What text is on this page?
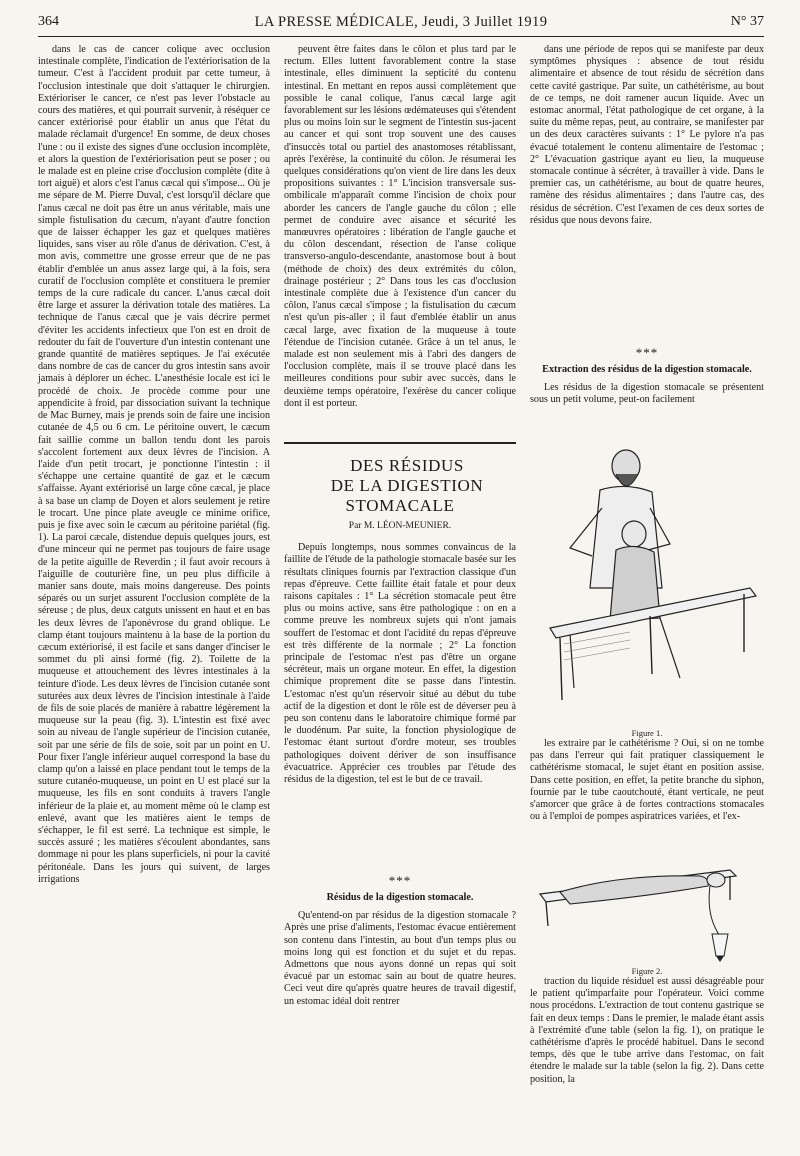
364	LA PRESSE MÉDICALE, Jeudi, 3 Juillet 1919	N° 37

dans le cas de cancer colique avec occlusion intestinale complète, l'indication de l'extériorisation de la tumeur. C'est à l'accident produit par cette tumeur, à l'occlusion intestinale que doit s'attaquer le chirurgien. Extérioriser le cancer, ce n'est pas lever l'obstacle au cours des matières, et qui pourrait survenir, à réséquer ce cancer extériorisé pour établir un anus que l'état du malade réclamait d'urgence! En somme, de deux choses l'une : ou il existe des signes d'une occlusion incomplète, et alors la question de l'extériorisation peut se poser ; ou le malade est en pleine crise d'occlusion complète (dite à tort aiguë) et alors c'est l'anus cæcal qui s'impose... Où je me sépare de M. Pierre Duval, c'est lorsqu'il déclare que l'anus cæcal ne doit pas être un anus véritable, mais une simple fistulisation du cæcum, n'ayant d'autre fonction que de laisser échapper les gaz et quelques matières liquides, sans viser au rôle d'anus de dérivation. C'est, à mon avis, commettre une grosse erreur que de ne pas établir d'emblée un anus assez large qui, à la fois, sera curatif de l'occlusion complète et constituera le premier temps de la cure radicale du cancer. L'anus cæcal doit être large et assurer la dérivation totale des matières. La technique de l'anus cæcal que je vais décrire permet d'éviter les accidents infectieux que l'on est en droit de redouter du fait de l'ouverture d'un intestin contenant une grande quantité de matières septiques. Je l'ai exécutée dans nombre de cas de cancer du gros intestin sans avoir jamais à déplorer un échec. L'anesthésie locale est ici le procédé de choix. Je procède comme pour une appendicite à froid, par dissociation suivant la technique de Mac Burney, mais je prends soin de faire une incision cutanée de 4,5 ou 6 cm. Le péritoine ouvert, le cæcum fait saillie comme un ballon tendu dont les parois s'accolent fortement aux deux lèvres de l'incision. A l'aide d'un petit trocart, je ponctionne l'intestin : il s'échappe une certaine quantité de gaz et le cæcum s'affaisse. Ayant extériorisé un large cône cæcal, je place à sa base un clamp de Doyen et alors seulement je retire le trocart. Une pince plate aveugle ce minime orifice, puis je fixe avec soin le cæcum au péritoine pariétal (fig. 1). La paroi cæcale, distendue depuis quelques jours, est d'une minceur qui ne permet pas toujours de faire usage de la petite aiguille de Reverdin ; il faut avoir recours à l'aiguille de couturière fine, un peu plus difficile à manier sans doute, mais moins dangereuse. Des points séparés ou un surjet assurent l'occlusion complète de la séreuse ; de plus, deux catguts unissent en haut et en bas les deux lèvres de l'aponévrose du grand oblique. Le clamp étant toujours maintenu à la base de la portion du cæcum extériorisé, il est facile et sans danger d'inciser le sommet du pli ainsi formé (fig. 2). Toilette de la muqueuse et attouchement des lèvres intestinales à la teinture d'iode. Les deux lèvres de l'incision cutanée sont suturées aux deux lèvres de l'incision intestinale à l'aide de fils de soie placés de manière à rabattre légèrement la muqueuse sur la peau (fig. 3). L'intestin est fixé avec soin au niveau de l'angle supérieur de l'incision cutanée, soit par une série de fils de soie, soit par un point en U. Pour fixer l'angle inférieur auquel correspond la base du clamp qu'on a laissé en place pendant tout le temps de la suture cutanéo-muqueuse, un point en U est placé sur la muqueuse, les fils en sont conduits à travers l'angle inférieur de la plaie et, au moment même où le clamp est enlevé, avant que les matières aient le temps de s'échapper, le fil est serré. La technique est simple, le succès assuré ; les matières s'écoulent abondantes, sans dommage ni pour les plans superficiels, ni pour la cavité péritonéale. Dans les jours qui suivent, de larges irrigations

peuvent être faites dans le côlon et plus tard par le rectum. Elles luttent favorablement contre la stase intestinale, elles diminuent la septicité du contenu intestinal. En mettant en repos aussi complètement que possible le canal colique, l'anus cæcal large agit favorablement sur les lésions œdémateuses qui s'étendent plus ou moins loin sur le segment de l'intestin sus-jacent au cancer et qui sont trop souvent une des causes d'insuccès total ou partiel des anastomoses rétablissant, après l'exérèse, la continuité du côlon. Je résumerai les quelques considérations qu'on vient de lire dans les deux propositions suivantes : 1° L'incision transversale sus-ombilicale m'apparaît comme l'incision de choix pour aborder les cancers de l'angle gauche du côlon ; elle permet de conduire avec aisance et sécurité les manœuvres opératoires : libération de l'angle gauche et du côlon descendant, résection de l'anse colique transverso-angulo-descendante, anastomose bout à bout (méthode de choix) des deux extrémités du côlon, drainage postérieur ; 2° Dans tous les cas d'occlusion intestinale complète due à l'existence d'un cancer du côlon, l'anus cæcal s'impose ; la fistulisation du cæcum n'est qu'un pis-aller ; il faut d'emblée établir un anus cæcal large, avec fixation de la muqueuse à toute l'étendue de l'incision cutanée. Grâce à un tel anus, le malade est non seulement mis à l'abri des dangers de l'occlusion complète, mais il se trouve placé dans les meilleures conditions pour subir avec succès, dans le deuxième temps opératoire, l'exérèse du cancer colique dont il est porteur.

DES RÉSIDUS

DE LA DIGESTION STOMACALE

Par M. LÉON-MEUNIER.

Depuis longtemps, nous sommes convaincus de la faillite de l'étude de la pathologie stomacale basée sur les résultats cliniques fournis par l'extraction classique d'un repas d'épreuve. Cette faillite était fatale et pour deux raisons capitales : 1° La sécrétion stomacale peut être plus ou moins active, sans être pathologique : on en a comme preuve les nombreux sujets qui n'ont jamais souffert de l'estomac et dont l'acidité du repas d'épreuve est très différente de la normale ; 2° La fonction principale de l'estomac n'est pas d'être un organe sécréteur, mais un organe moteur. En effet, la digestion chimique proprement dite se passe dans l'intestin. L'estomac n'est qu'un réservoir situé au début du tube actif de la digestion et dont le rôle est de déverser peu à peu son contenu dans le laboratoire chimique formé par le duodénum. Par suite, la fonction physiologique de l'estomac étant surtout d'ordre moteur, ses troubles pathologiques doivent dériver de son insuffisance évacuatrice. Apprécier ces troubles par l'étude des résidus de la digestion, tel est le but de ce travail.

***
Résidus de la digestion stomacale.

Qu'entend-on par résidus de la digestion stomacale ? Après une prise d'aliments, l'estomac évacue entièrement son contenu dans l'intestin, au bout d'un temps plus ou moins long qui est fonction et du sujet et du repas. Admettons que nous ayons donné un repas qui soit évacué par un estomac sain au bout de quatre heures. Ceci veut dire qu'après quatre heures de travail digestif, un estomac idéal doit rentrer

dans une période de repos qui se manifeste par deux symptômes physiques : absence de tout résidu alimentaire et absence de tout résidu de sécrétion dans cette cavité gastrique. Par suite, un cathétérisme, au bout de ce temps, ne doit ramener aucun liquide. Avec un estomac anormal, l'état pathologique de cet organe, à la suite du même repas, peut, au contraire, se manifester par un des deux caractères suivants : 1° Le pylore n'a pas évacué totalement le contenu alimentaire de l'estomac ; 2° L'évacuation gastrique ayant eu lieu, la muqueuse stomacale continue à sécréter, à travailler à vide. Dans le premier cas, un cathétérisme, au bout de quatre heures, ramène des résidus alimentaires ; dans l'autre cas, des résidus de sécrétion. C'est l'examen de ces deux sortes de résidus que nous devons faire.

***
Extraction des résidus de la digestion stomacale.

Les résidus de la digestion stomacale se présentent sous un petit volume, peut-on facilement

Figure 1.

les extraire par le cathétérisme ? Oui, si on ne tombe pas dans l'erreur qui fait pratiquer classiquement le cathétérisme stomacal, le sujet étant en position assise. Dans cette position, en effet, la petite branche du siphon, fournie par le tube caoutchouté, étant verticale, ne peut s'amorcer que grâce à de fortes contractions stomacales ou à l'emploi de pompes aspiratrices variées, et l'ex-

Figure 2.

traction du liquide résiduel est aussi désagréable pour le patient qu'imparfaite pour l'opérateur. Voici comme nous procédons. L'extraction de tout contenu gastrique se fait en deux temps : Dans le premier, le malade étant assis à l'extrémité d'une table (selon la fig. 1), on pratique le cathétérisme d'après le procédé habituel. Dans le second temps, dès que le tube arrive dans l'estomac, on fait étendre le malade sur la table (selon la fig. 2). Dans cette position, la
